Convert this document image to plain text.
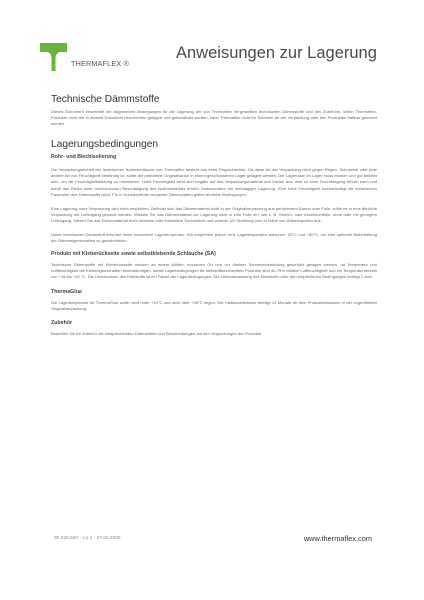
THERMAFLEX ®
Anweisungen zur Lagerung
Technische Dämmstoffe

Dieses Dokument beschreibt die allgemeinen Bedingungen für die Lagerung der von Thermaflex hergestellten technischen Dämmstoffe und des Zubehörs. Wenn Thermaflex-Produkte nicht wie in diesem Dokument beschrieben gelagert und gehandhabt werden, kann Thermaflex nicht für Schäden an der Verpackung oder den Produkten haftbar gemacht werden.

Lagerungsbedingungen
Rohr- und Blechisolierung

Die Verpackungseinheit der technischen Isolierschläuche von Thermaflex besteht aus einer Pappschachtel. Da diese Art der Verpackung nicht gegen Regen, Schneefall oder jede andere Art von Feuchtigkeit beständig ist, sollte der perforierte Originalkarton in einem geschlossenen Lager gelagert werden. Der Lagerraum im Lager muss trocken und gut belüftet sein, um die Feuchtigkeitsbildung zu minimieren. Hohe Feuchtigkeit wirkt sich negativ auf das Verpackungsmaterial aus Karton aus, was zu einer Durchbiegung führen kann und damit das Risiko einer mechanischen Beschädigung des Isoliermaterials erhöht, insbesondere bei mehrlagiger Lagerung. Eine hohe Feuchtigkeit beeinträchtigt die technischen Parameter des Dämmstoffs nicht. Für in Kunststofffolie verpackte Dämmplatten gelten ähnliche Bedingungen.

Eine Lagerung ohne Verpackung wird nicht empfohlen. Befindet sich das Dämmmaterial nicht in der Originalverpackung aus perforiertem Karton oder Folie, sollte es in eine ähnliche Verpackung mit Luftzugang gepackt werden. Wickeln Sie das Dämmmaterial zur Lagerung nicht in eine Folie ein, wie z. B. Stretch- oder Aluminiumfolie, ohne oder mit geringem Luftzugang. Setzen Sie das Dämmmaterial nicht direktem oder indirektem Sonnenlicht und anderer UV-Strahlung oder in Nähe von Wärmequellen aus.

Unser technischer Dämmstoff erfordert keine besondere Lagertemperatur. Wir empfehlen jedoch eine Lagertemperatur zwischen -20°C und +50°C, um eine optimale Beibehaltung der Dämmeigenschaften zu gewährleisten.

Produkt mit Kleberückseite sowie selbstklebende Schläuche (SA)

Technische Dämmstoffe mit Kleberückseite müssen an einem kühlen, trockenen Ort und vor direkter Sonneneinstrahlung geschützt gelagert werden, da Temperatur und Luftfeuchtigkeit die Klebeeigenschaften beeinträchtigen. Ideale Lagerbedingungen für klebstoffbeschichtete Produkte sind 40-75% relative Luftfeuchtigkeit und ein Temperaturbereich von +15 bis +30 °C. Die Lebensdauer des Klebstoffs ist ein Faktor der Lagerbedingungen. Die Lebenserwartung des Klebstoffs unter den empfohlenen Bedingungen beträgt 1 Jahr.

ThermaGlue

Die Lagertemperatur für ThermaGlue sollte nicht unter +10°C und nicht über +35°C liegen. Die Haltbarkeitsdauer beträgt 12 Monate ab dem Produktionsdatum in der ungeöffneten Originalverpackung.

Zubehör

Beachten Sie für Zubehör die entsprechenden Datenblätter und Beschreibungen auf den Verpackungen der Produkte.

00.020.920 - v.1.1 - 27.02.2025	www.thermaflex.com
